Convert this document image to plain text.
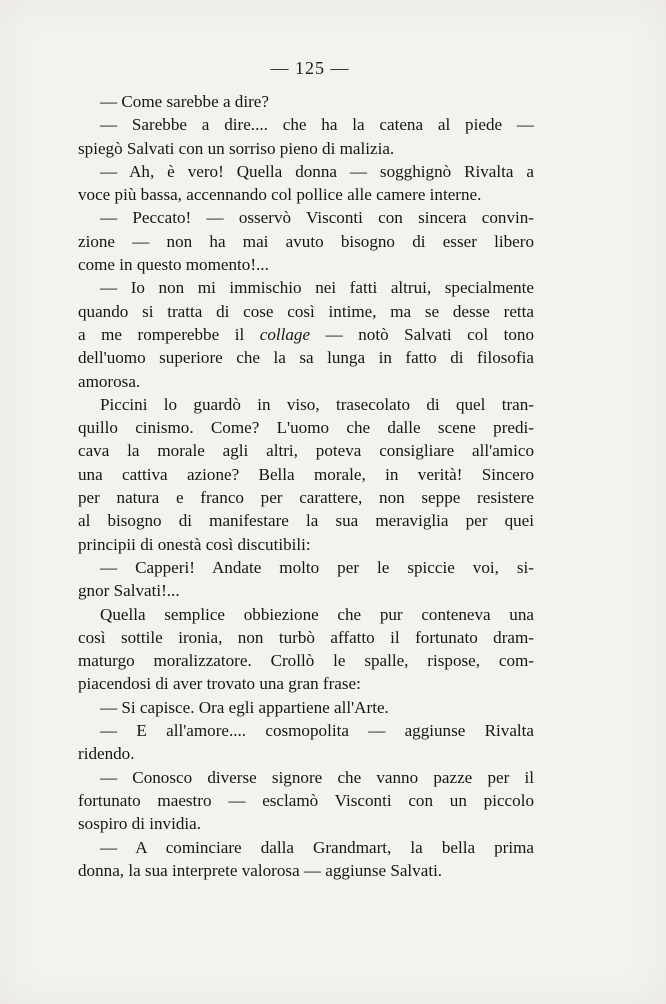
— 125 —
— Come sarebbe a dire?
— Sarebbe a dire.... che ha la catena al piede —
spiegò Salvati con un sorriso pieno di malizia.
— Ah, è vero! Quella donna — sogghignò Rivalta a
voce più bassa, accennando col pollice alle camere interne.
— Peccato! — osservò Visconti con sincera convin-
zione — non ha mai avuto bisogno di esser libero
come in questo momento!...
— Io non mi immischio nei fatti altrui, specialmente
quando si tratta di cose così intime, ma se desse retta
a me romperebbe il collage — notò Salvati col tono
dell'uomo superiore che la sa lunga in fatto di filosofia
amorosa.
Piccini lo guardò in viso, trasecolato di quel tran-
quillo cinismo. Come? L'uomo che dalle scene predi-
cava la morale agli altri, poteva consigliare all'amico
una cattiva azione? Bella morale, in verità! Sincero
per natura e franco per carattere, non seppe resistere
al bisogno di manifestare la sua meraviglia per quei
principii di onestà così discutibili:
— Capperi! Andate molto per le spiccie voi, si-
gnor Salvati!...
Quella semplice obbiezione che pur conteneva una
così sottile ironia, non turbò affatto il fortunato dram-
maturgo moralizzatore. Crollò le spalle, rispose, com-
piacendosi di aver trovato una gran frase:
— Si capisce. Ora egli appartiene all'Arte.
— E all'amore.... cosmopolita — aggiunse Rivalta
ridendo.
— Conosco diverse signore che vanno pazze per il
fortunato maestro — esclamò Visconti con un piccolo
sospiro di invidia.
— A cominciare dalla Grandmart, la bella prima
donna, la sua interprete valorosa — aggiunse Salvati.
